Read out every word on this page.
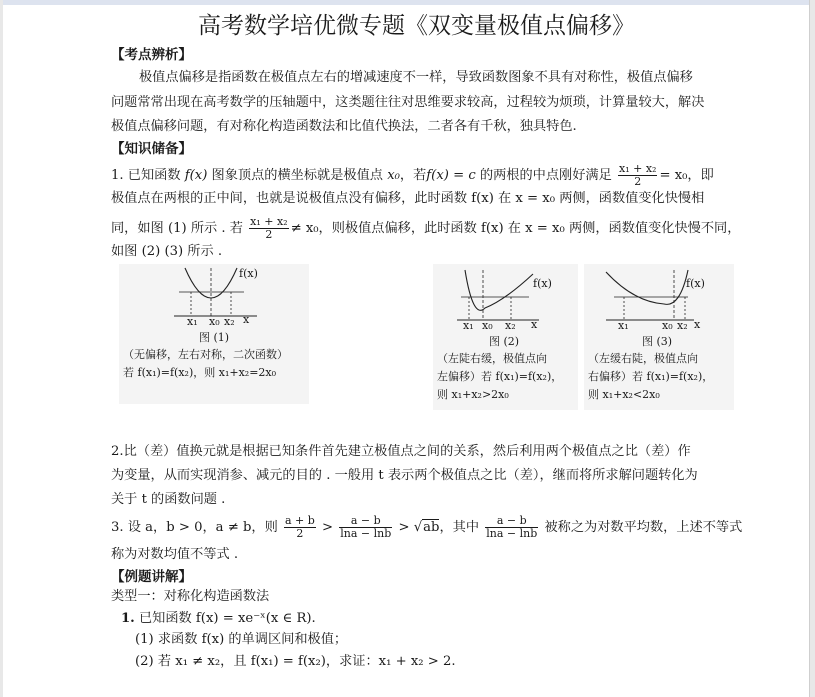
高考数学培优微专题《双变量极值点偏移》
【考点辨析】
极值点偏移是指函数在极值点左右的增减速度不一样，导致函数图象不具有对称性，极值点偏移
问题常常出现在高考数学的压轴题中，这类题往往对思维要求较高，过程较为烦琐，计算量较大，解决
极值点偏移问题，有对称化构造函数法和比值代换法，二者各有千秋，独具特色.
【知识储备】
1. 已知函数 f(x) 图象顶点的横坐标就是极值点 x₀，若f(x) = c 的两根的中点刚好满足 $\frac{\text{x₁ + x₂}}{2} = x_0$，即
极值点在两根的正中间，也就是说极值点没有偏移，此时函数 f(x) 在 x = x₀ 两侧，函数值变化快慢相
同，如图 (1) 所示 . 若 $\frac{\text{x₁ + x₂}}{2} \ne x_0$，则极值点偏移，此时函数 f(x) 在 x = x₀ 两侧，函数值变化快慢不同，
如图 (2) (3) 所示 .
f(x)
x₁ x₀ x₂ x
图 (1)
（无偏移，左右对称，二次函数）
若 f(x₁)=f(x₂)，则 x₁+x₂=2x₀
f(x)
x₁ x₀ x₂ x
图 (2)
（左陡右缓，极值点向
左偏移）若 f(x₁)=f(x₂)，
则 x₁+x₂>2x₀
f(x)
x₁	x₀ x₂ x
图 (3)
（左缓右陡，极值点向
右偏移）若 f(x₁)=f(x₂)，
则 x₁+x₂<2x₀
2.比（差）值换元就是根据已知条件首先建立极值点之间的关系，然后利用两个极值点之比（差）作
为变量，从而实现消参、减元的目的 . 一般用 t 表示两个极值点之比（差），继而将所求解问题转化为
关于 t 的函数问题 .
3. 设 a，b > 0，a ≠ b，则 $\frac{a + b}{2} > \frac{a - b}{\ln a - \ln b} > √ab$，其中 $\frac{a - b}{\ln a - \ln b}$ 被称之为对数平均数，上述不等式
称为对数均值不等式 .
【例题讲解】
类型一：对称化构造函数法
1. 已知函数 f(x) = xe⁻ˣ(x ∈ R).
(1) 求函数 f(x) 的单调区间和极值；
(2) 若 x₁ ≠ x₂，且 f(x₁) = f(x₂)，求证：x₁ + x₂ > 2.
